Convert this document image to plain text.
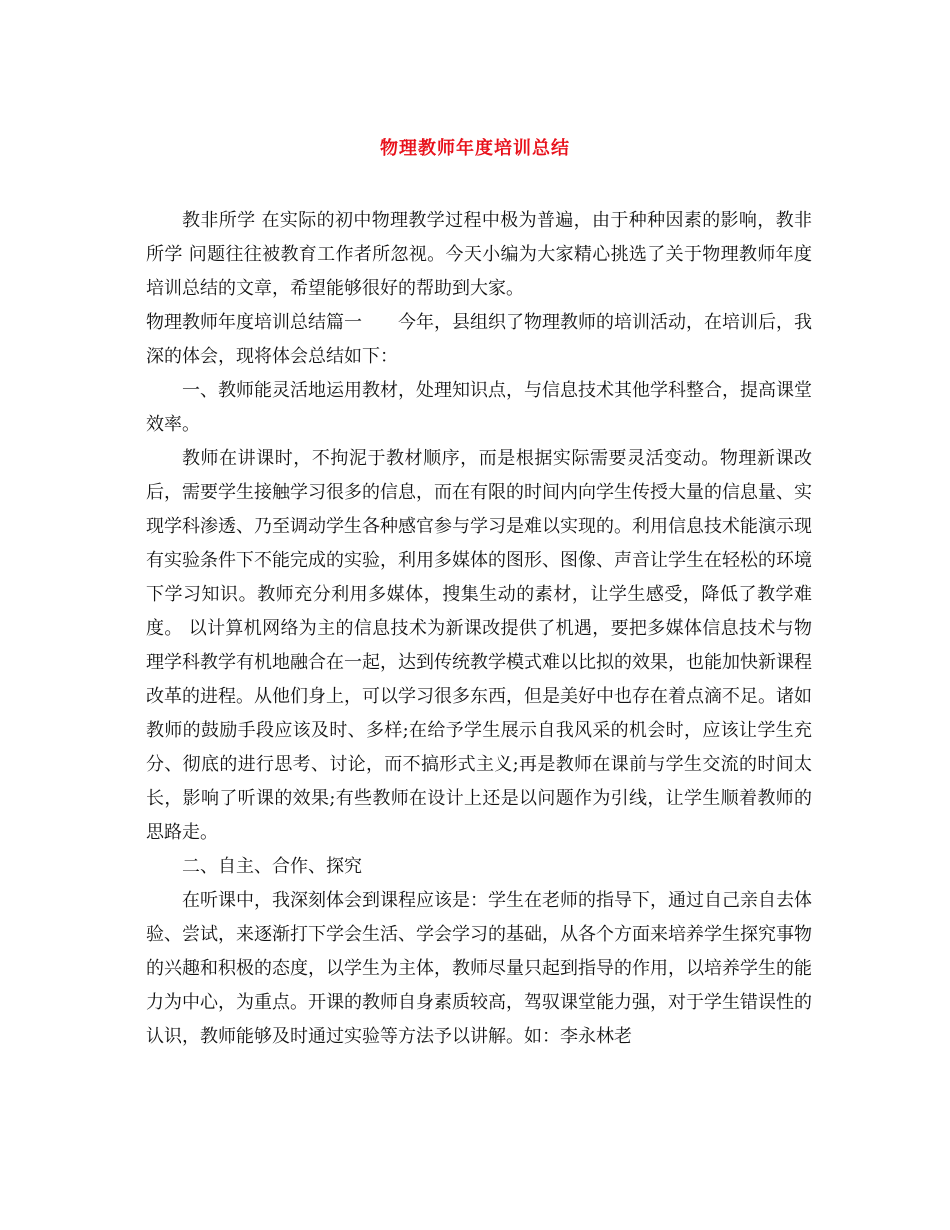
物理教师年度培训总结

教非所学 在实际的初中物理教学过程中极为普遍，由于种种因素的影响，教非所学 问题往往被教育工作者所忽视。今天小编为大家精心挑选了关于物理教师年度培训总结的文章，希望能够很好的帮助到大家。

物理教师年度培训总结篇一 今年，县组织了物理教师的培训活动，在培训后，我深的体会，现将体会总结如下：

一、教师能灵活地运用教材，处理知识点，与信息技术其他学科整合，提高课堂效率。

教师在讲课时，不拘泥于教材顺序，而是根据实际需要灵活变动。物理新课改后，需要学生接触学习很多的信息，而在有限的时间内向学生传授大量的信息量、实现学科渗透、乃至调动学生各种感官参与学习是难以实现的。利用信息技术能演示现有实验条件下不能完成的实验，利用多媒体的图形、图像、声音让学生在轻松的环境下学习知识。教师充分利用多媒体，搜集生动的素材，让学生感受，降低了教学难度。 以计算机网络为主的信息技术为新课改提供了机遇，要把多媒体信息技术与物理学科教学有机地融合在一起，达到传统教学模式难以比拟的效果，也能加快新课程改革的进程。从他们身上，可以学习很多东西，但是美好中也存在着点滴不足。诸如教师的鼓励手段应该及时、多样;在给予学生展示自我风采的机会时，应该让学生充分、彻底的进行思考、讨论，而不搞形式主义;再是教师在课前与学生交流的时间太长，影响了听课的效果;有些教师在设计上还是以问题作为引线，让学生顺着教师的思路走。

二、自主、合作、探究

在听课中，我深刻体会到课程应该是：学生在老师的指导下，通过自己亲自去体验、尝试，来逐渐打下学会生活、学会学习的基础，从各个方面来培养学生探究事物的兴趣和积极的态度，以学生为主体，教师尽量只起到指导的作用，以培养学生的能力为中心，为重点。开课的教师自身素质较高，驾驭课堂能力强，对于学生错误性的认识，教师能够及时通过实验等方法予以讲解。如：李永林老
